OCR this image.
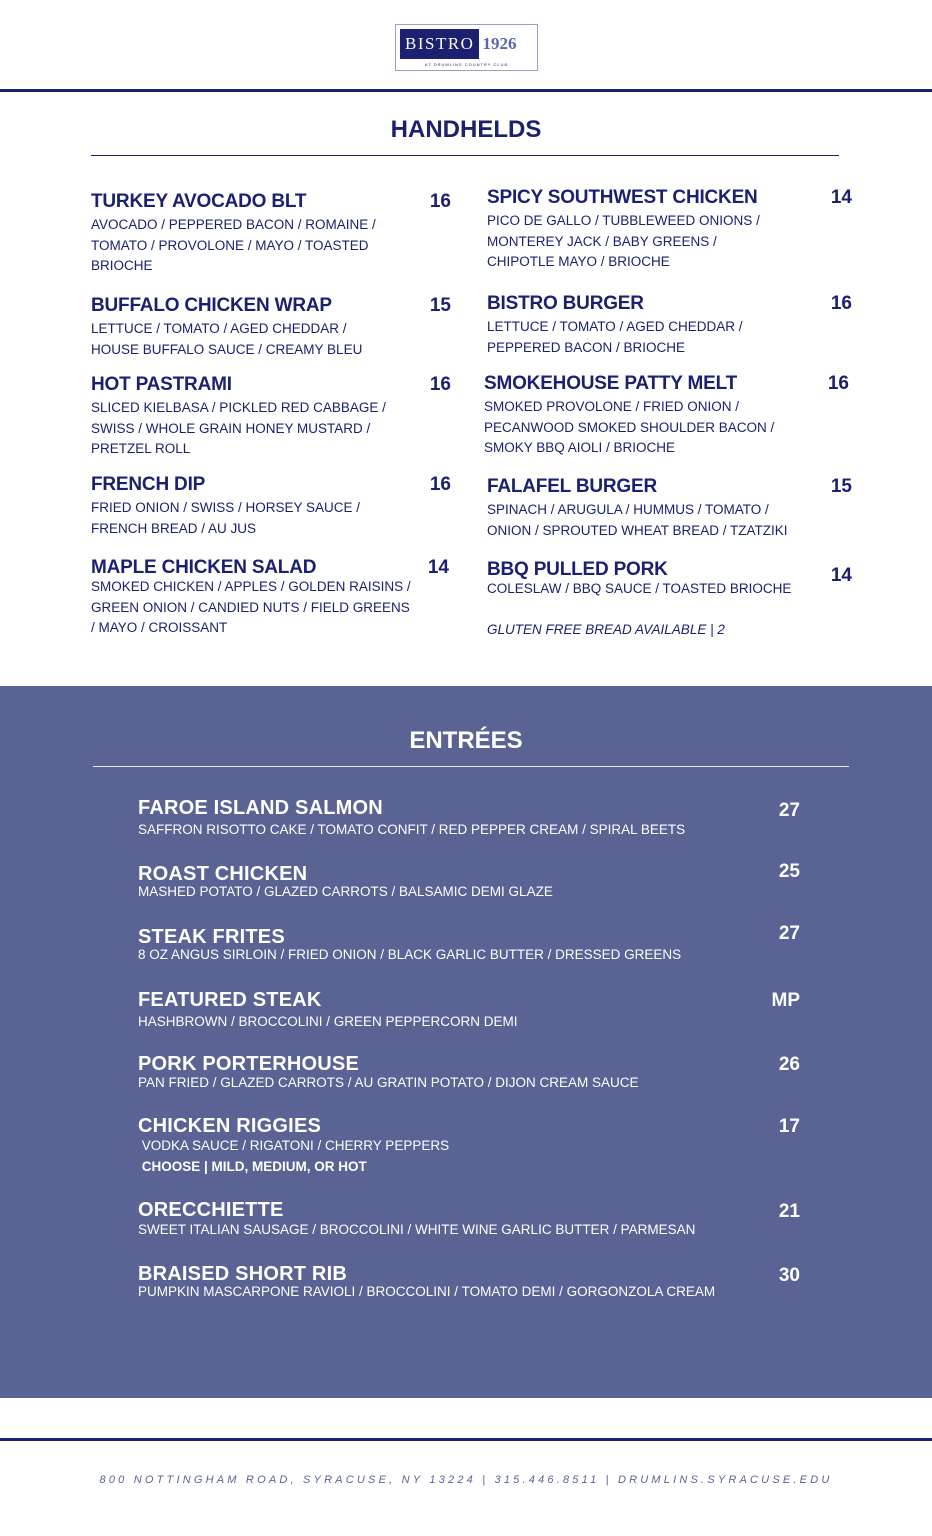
BISTRO 1926
AT DRUMLINS COUNTRY CLUB
HANDHELDS
TURKEY AVOCADO BLT	16
AVOCADO / PEPPERED BACON / ROMAINE / TOMATO / PROVOLONE / MAYO / TOASTED BRIOCHE
BUFFALO CHICKEN WRAP	15
LETTUCE / TOMATO / AGED CHEDDAR / HOUSE BUFFALO SAUCE / CREAMY BLEU
HOT PASTRAMI	16
SLICED KIELBASA / PICKLED RED CABBAGE / SWISS / WHOLE GRAIN HONEY MUSTARD / PRETZEL ROLL
FRENCH DIP	16
FRIED ONION / SWISS / HORSEY SAUCE / FRENCH BREAD / AU JUS
MAPLE CHICKEN SALAD	14
SMOKED CHICKEN / APPLES / GOLDEN RAISINS / GREEN ONION / CANDIED NUTS / FIELD GREENS / MAYO / CROISSANT
SPICY SOUTHWEST CHICKEN	14
PICO DE GALLO / TUBBLEWEED ONIONS / MONTEREY JACK / BABY GREENS / CHIPOTLE MAYO / BRIOCHE
BISTRO BURGER	16
LETTUCE / TOMATO / AGED CHEDDAR / PEPPERED BACON / BRIOCHE
SMOKEHOUSE PATTY MELT	16
SMOKED PROVOLONE / FRIED ONION / PECANWOOD SMOKED SHOULDER BACON / SMOKY BBQ AIOLI / BRIOCHE
FALAFEL BURGER	15
SPINACH / ARUGULA / HUMMUS / TOMATO / ONION / SPROUTED WHEAT BREAD / TZATZIKI
BBQ PULLED PORK	14
COLESLAW / BBQ SAUCE / TOASTED BRIOCHE
GLUTEN FREE BREAD AVAILABLE | 2
ENTRÉES
FAROE ISLAND SALMON
SAFFRON RISOTTO CAKE / TOMATO CONFIT / RED PEPPER CREAM / SPIRAL BEETS
27
ROAST CHICKEN
MASHED POTATO / GLAZED CARROTS / BALSAMIC DEMI GLAZE
25
STEAK FRITES
8 OZ ANGUS SIRLOIN / FRIED ONION / BLACK GARLIC BUTTER / DRESSED GREENS
27
FEATURED STEAK
HASHBROWN / BROCCOLINI / GREEN PEPPERCORN DEMI
MP
PORK PORTERHOUSE
PAN FRIED / GLAZED CARROTS / AU GRATIN POTATO / DIJON CREAM SAUCE
26
CHICKEN RIGGIES
VODKA SAUCE / RIGATONI / CHERRY PEPPERS
CHOOSE | MILD, MEDIUM, OR HOT
17
ORECCHIETTE
SWEET ITALIAN SAUSAGE / BROCCOLINI / WHITE WINE GARLIC BUTTER / PARMESAN
21
BRAISED SHORT RIB
PUMPKIN MASCARPONE RAVIOLI / BROCCOLINI / TOMATO DEMI / GORGONZOLA CREAM
30
800 NOTTINGHAM ROAD, SYRACUSE, NY 13224 | 315.446.8511 | DRUMLINS.SYRACUSE.EDU
